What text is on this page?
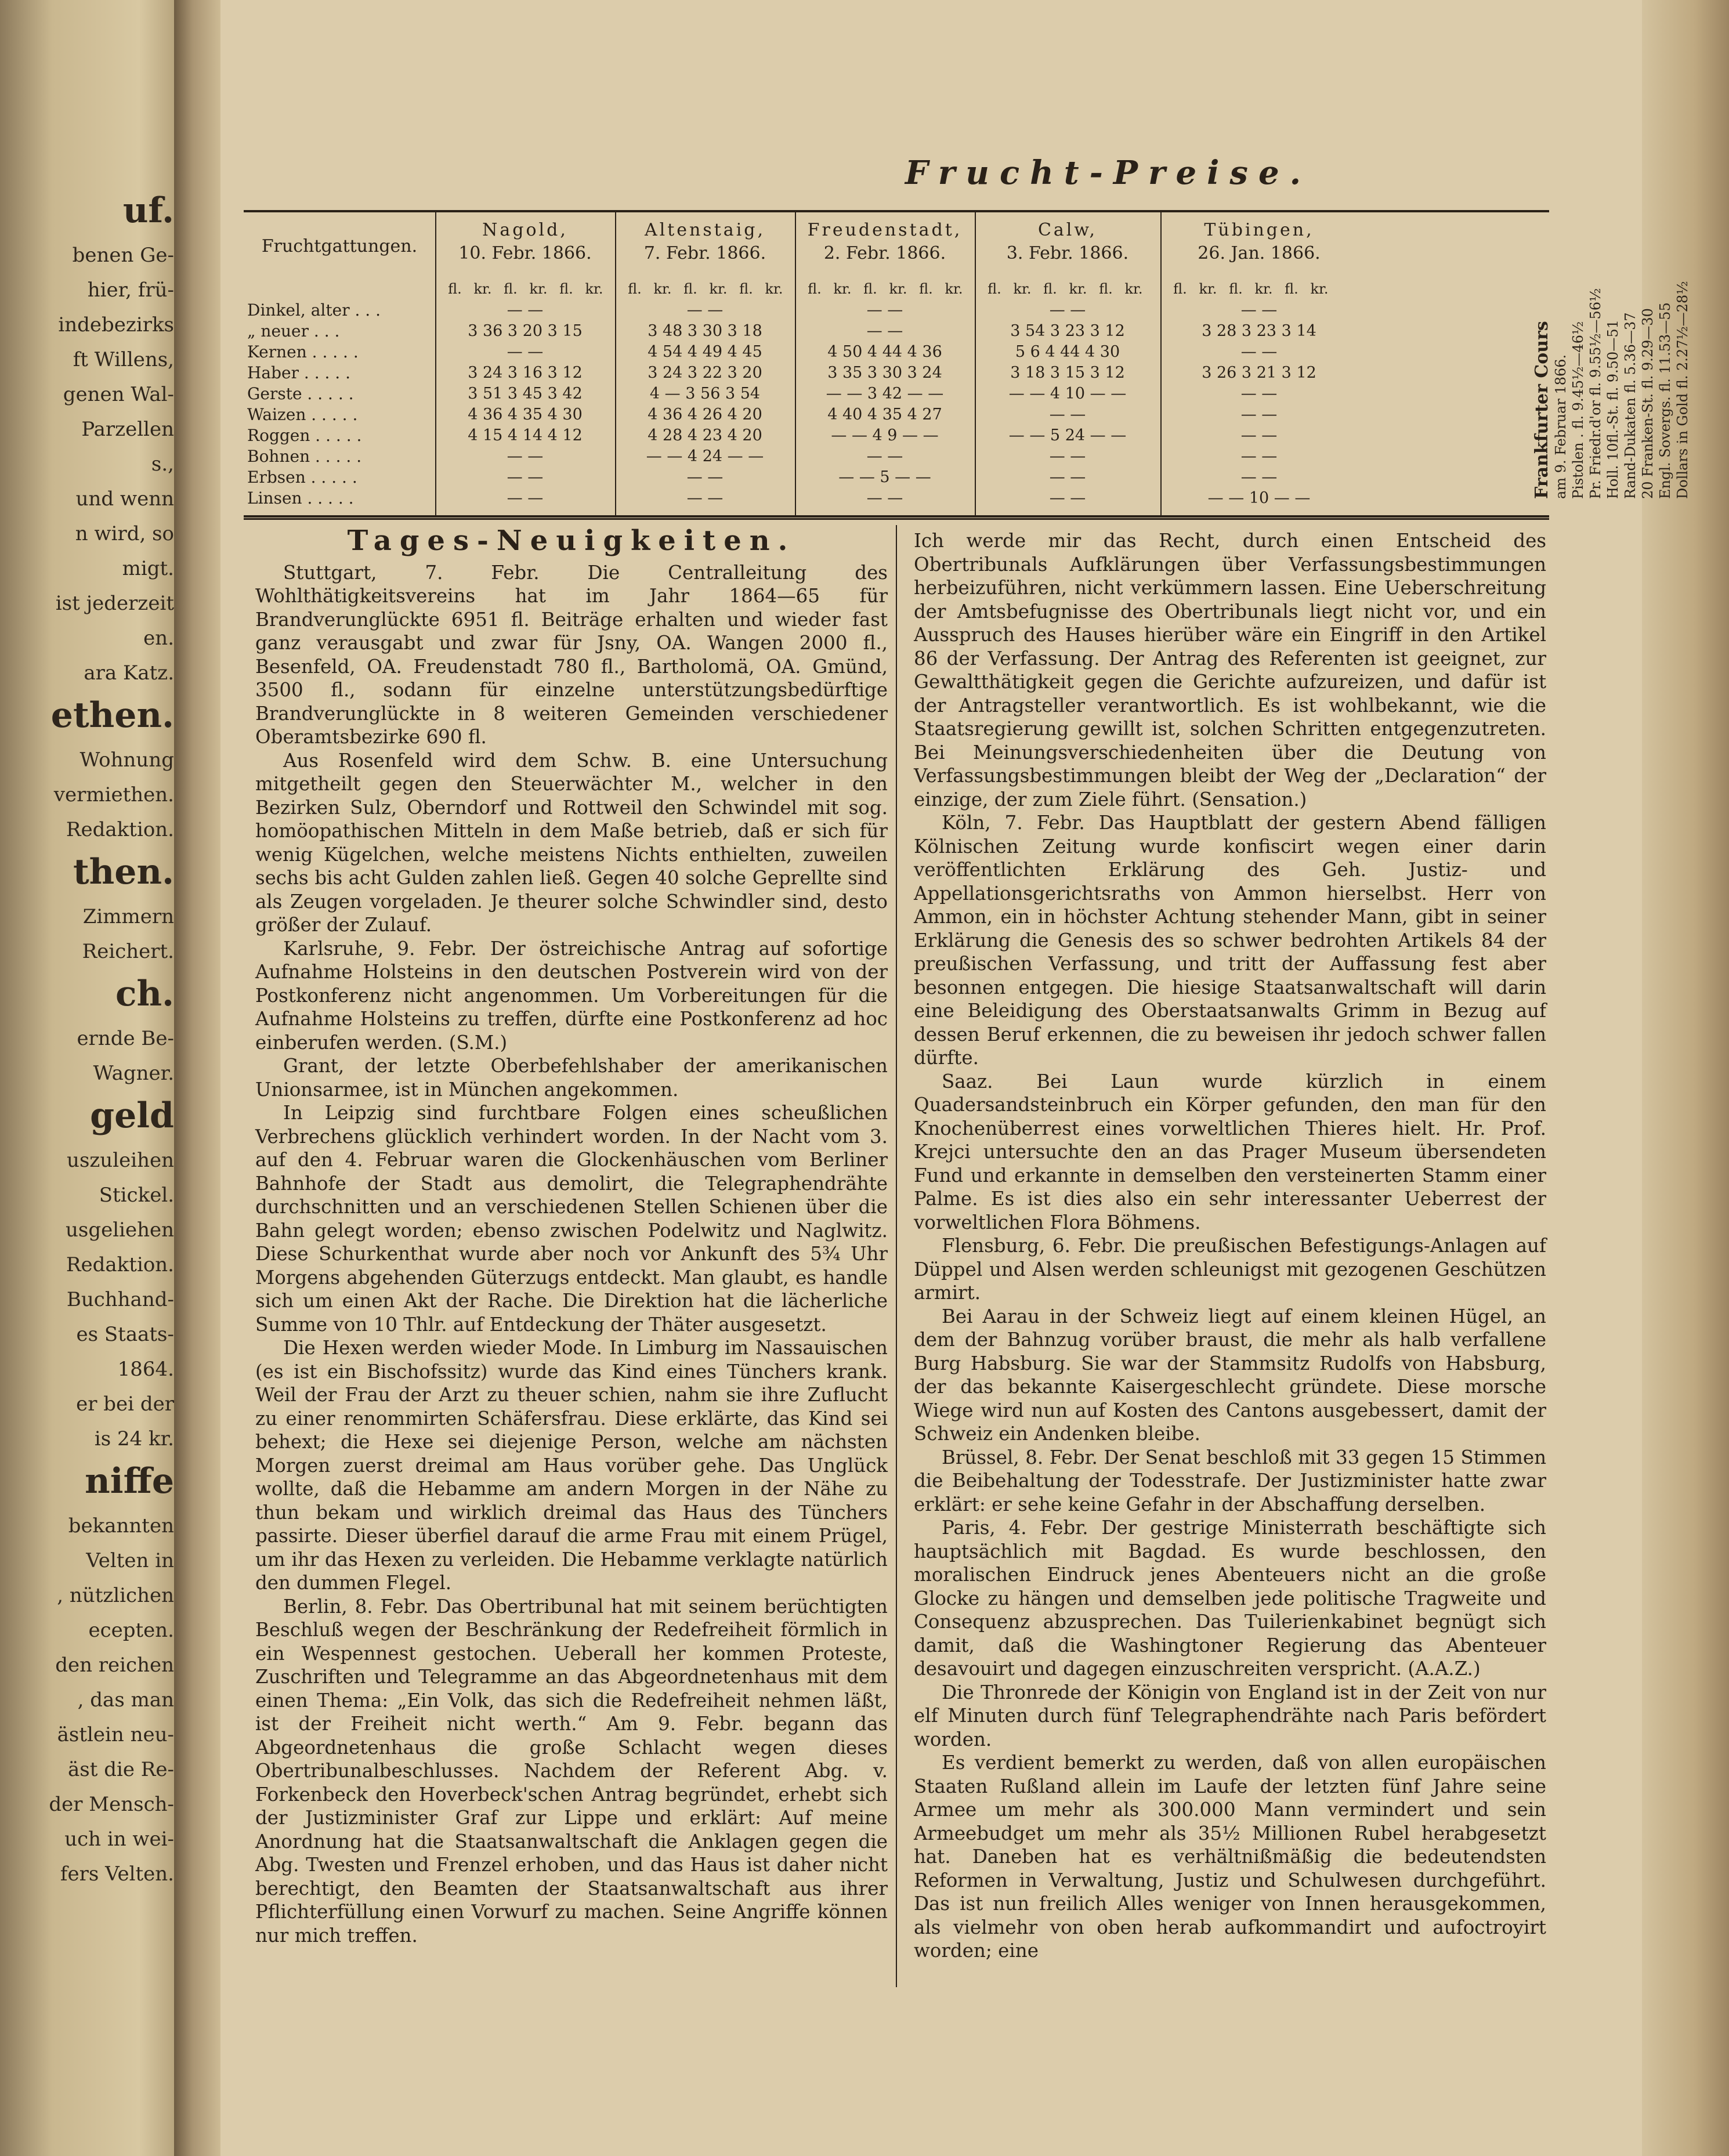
uf.
benen Ge-
hier, frü-
indebezirks
ft Willens,
genen Wal-
Parzellen
s.,
und wenn
n wird, so
migt.
ist jederzeit
en.
ara Katz.
ethen.
Wohnung
vermiethen.
Redaktion.
then.
Zimmern
Reichert.
ch.
ernde Be-
Wagner.
geld
uszuleihen
Stickel.
usgeliehen
Redaktion.
Buchhand-
es Staats-
1864.
er bei der
is 24 kr.
niffe
bekannten
Velten in
, nützlichen
ecepten.
den reichen
, das man
ästlein neu-
äst die Re-
der Mensch-
uch in wei-
fers Velten.
Frucht-Preise.
Fruchtgattungen.
Nagold,
10. Febr. 1866.
fl. kr. fl. kr. fl. kr.
Altenstaig,
7. Febr. 1866.
fl. kr. fl. kr. fl. kr.
Freudenstadt,
2. Febr. 1866.
fl. kr. fl. kr. fl. kr.
Calw,
3. Febr. 1866.
fl. kr. fl. kr. fl. kr.
Tübingen,
26. Jan. 1866.
fl. kr. fl. kr. fl. kr.
Dinkel, alter . . .	— —	— —	— —	— —	— —
„ neuer . . .	3 36 3 20 3 15	3 48 3 30 3 18	— —	3 54 3 23 3 12	3 28 3 23 3 14
Kernen . . . . .	— —	4 54 4 49 4 45	4 50 4 44 4 36	5 6 4 44 4 30	— —
Haber . . . . .	3 24 3 16 3 12	3 24 3 22 3 20	3 35 3 30 3 24	3 18 3 15 3 12	3 26 3 21 3 12
Gerste . . . . .	3 51 3 45 3 42	4 — 3 56 3 54	— — 3 42 — —	— — 4 10 — —	— —
Waizen . . . . .	4 36 4 35 4 30	4 36 4 26 4 20	4 40 4 35 4 27	— —	— —
Roggen . . . . .	4 15 4 14 4 12	4 28 4 23 4 20	— — 4 9 — —	— — 5 24 — —	— —
Bohnen . . . . .	— —	— — 4 24 — —	— —	— —	— —
Erbsen . . . . .	— —	— —	— — 5 — —	— —	— —
Linsen . . . . .	— —	— —	— —	— —	— — 10 — —	Frankfurter Cours am 9. Februar 1866. Pistolen . fl. 9.45½—46½ Pr. Friedr.d'or fl. 9.55½—56½ Holl. 10fl.-St. fl. 9.50—51 Rand-Dukaten fl. 5.36—37 20 Franken-St. fl. 9.29—30 Engl. Sovergs. fl. 11.53—55 Dollars in Gold fl. 2.27½—28½

Tages-Neuigkeiten.

Stuttgart, 7. Febr. Die Centralleitung des Wohlthätigkeitsvereins hat im Jahr 1864—65 für Brandverunglückte 6951 fl. Beiträge erhalten und wieder fast ganz verausgabt und zwar für Jsny, OA. Wangen 2000 fl., Besenfeld, OA. Freudenstadt 780 fl., Bartholomä, OA. Gmünd, 3500 fl., sodann für einzelne unterstützungsbedürftige Brandverunglückte in 8 weiteren Gemeinden verschiedener Oberamtsbezirke 690 fl.

Aus Rosenfeld wird dem Schw. B. eine Untersuchung mitgetheilt gegen den Steuerwächter M., welcher in den Bezirken Sulz, Oberndorf und Rottweil den Schwindel mit sog. homöopathischen Mitteln in dem Maße betrieb, daß er sich für wenig Kügelchen, welche meistens Nichts enthielten, zuweilen sechs bis acht Gulden zahlen ließ. Gegen 40 solche Geprellte sind als Zeugen vorgeladen. Je theurer solche Schwindler sind, desto größer der Zulauf.

Karlsruhe, 9. Febr. Der östreichische Antrag auf sofortige Aufnahme Holsteins in den deutschen Postverein wird von der Postkonferenz nicht angenommen. Um Vorbereitungen für die Aufnahme Holsteins zu treffen, dürfte eine Postkonferenz ad hoc einberufen werden. (S.M.)

Grant, der letzte Oberbefehlshaber der amerikanischen Unionsarmee, ist in München angekommen.

In Leipzig sind furchtbare Folgen eines scheußlichen Verbrechens glücklich verhindert worden. In der Nacht vom 3. auf den 4. Februar waren die Glockenhäuschen vom Berliner Bahnhofe der Stadt aus demolirt, die Telegraphendrähte durchschnitten und an verschiedenen Stellen Schienen über die Bahn gelegt worden; ebenso zwischen Podelwitz und Naglwitz. Diese Schurkenthat wurde aber noch vor Ankunft des 5¾ Uhr Morgens abgehenden Güterzugs entdeckt. Man glaubt, es handle sich um einen Akt der Rache. Die Direktion hat die lächerliche Summe von 10 Thlr. auf Entdeckung der Thäter ausgesetzt.

Die Hexen werden wieder Mode. In Limburg im Nassauischen (es ist ein Bischofssitz) wurde das Kind eines Tünchers krank. Weil der Frau der Arzt zu theuer schien, nahm sie ihre Zuflucht zu einer renommirten Schäfersfrau. Diese erklärte, das Kind sei behext; die Hexe sei diejenige Person, welche am nächsten Morgen zuerst dreimal am Haus vorüber gehe. Das Unglück wollte, daß die Hebamme am andern Morgen in der Nähe zu thun bekam und wirklich dreimal das Haus des Tünchers passirte. Dieser überfiel darauf die arme Frau mit einem Prügel, um ihr das Hexen zu verleiden. Die Hebamme verklagte natürlich den dummen Flegel.

Berlin, 8. Febr. Das Obertribunal hat mit seinem berüchtigten Beschluß wegen der Beschränkung der Redefreiheit förmlich in ein Wespennest gestochen. Ueberall her kommen Proteste, Zuschriften und Telegramme an das Abgeordnetenhaus mit dem einen Thema: „Ein Volk, das sich die Redefreiheit nehmen läßt, ist der Freiheit nicht werth.“ Am 9. Febr. begann das Abgeordnetenhaus die große Schlacht wegen dieses Obertribunalbeschlusses. Nachdem der Referent Abg. v. Forkenbeck den Hoverbeck'schen Antrag begründet, erhebt sich der Justizminister Graf zur Lippe und erklärt: Auf meine Anordnung hat die Staatsanwaltschaft die Anklagen gegen die Abg. Twesten und Frenzel erhoben, und das Haus ist daher nicht berechtigt, den Beamten der Staatsanwaltschaft aus ihrer Pflichterfüllung einen Vorwurf zu machen. Seine Angriffe können nur mich treffen.

Ich werde mir das Recht, durch einen Entscheid des Obertribunals Aufklärungen über Verfassungsbestimmungen herbeizuführen, nicht verkümmern lassen. Eine Ueberschreitung der Amtsbefugnisse des Obertribunals liegt nicht vor, und ein Ausspruch des Hauses hierüber wäre ein Eingriff in den Artikel 86 der Verfassung. Der Antrag des Referenten ist geeignet, zur Gewaltthätigkeit gegen die Gerichte aufzureizen, und dafür ist der Antragsteller verantwortlich. Es ist wohlbekannt, wie die Staatsregierung gewillt ist, solchen Schritten entgegenzutreten. Bei Meinungsverschiedenheiten über die Deutung von Verfassungsbestimmungen bleibt der Weg der „Declaration“ der einzige, der zum Ziele führt. (Sensation.)

Köln, 7. Febr. Das Hauptblatt der gestern Abend fälligen Kölnischen Zeitung wurde konfiscirt wegen einer darin veröffentlichten Erklärung des Geh. Justiz- und Appellationsgerichtsraths von Ammon hierselbst. Herr von Ammon, ein in höchster Achtung stehender Mann, gibt in seiner Erklärung die Genesis des so schwer bedrohten Artikels 84 der preußischen Verfassung, und tritt der Auffassung fest aber besonnen entgegen. Die hiesige Staatsanwaltschaft will darin eine Beleidigung des Oberstaatsanwalts Grimm in Bezug auf dessen Beruf erkennen, die zu beweisen ihr jedoch schwer fallen dürfte.

Saaz. Bei Laun wurde kürzlich in einem Quadersandsteinbruch ein Körper gefunden, den man für den Knochenüberrest eines vorweltlichen Thieres hielt. Hr. Prof. Krejci untersuchte den an das Prager Museum übersendeten Fund und erkannte in demselben den versteinerten Stamm einer Palme. Es ist dies also ein sehr interessanter Ueberrest der vorweltlichen Flora Böhmens.

Flensburg, 6. Febr. Die preußischen Befestigungs-Anlagen auf Düppel und Alsen werden schleunigst mit gezogenen Geschützen armirt.

Bei Aarau in der Schweiz liegt auf einem kleinen Hügel, an dem der Bahnzug vorüber braust, die mehr als halb verfallene Burg Habsburg. Sie war der Stammsitz Rudolfs von Habsburg, der das bekannte Kaisergeschlecht gründete. Diese morsche Wiege wird nun auf Kosten des Cantons ausgebessert, damit der Schweiz ein Andenken bleibe.

Brüssel, 8. Febr. Der Senat beschloß mit 33 gegen 15 Stimmen die Beibehaltung der Todesstrafe. Der Justizminister hatte zwar erklärt: er sehe keine Gefahr in der Abschaffung derselben.

Paris, 4. Febr. Der gestrige Ministerrath beschäftigte sich hauptsächlich mit Bagdad. Es wurde beschlossen, den moralischen Eindruck jenes Abenteuers nicht an die große Glocke zu hängen und demselben jede politische Tragweite und Consequenz abzusprechen. Das Tuilerienkabinet begnügt sich damit, daß die Washingtoner Regierung das Abenteuer desavouirt und dagegen einzuschreiten verspricht. (A.A.Z.)

Die Thronrede der Königin von England ist in der Zeit von nur elf Minuten durch fünf Telegraphendrähte nach Paris befördert worden.

Es verdient bemerkt zu werden, daß von allen europäischen Staaten Rußland allein im Laufe der letzten fünf Jahre seine Armee um mehr als 300.000 Mann vermindert und sein Armeebudget um mehr als 35½ Millionen Rubel herabgesetzt hat. Daneben hat es verhältnißmäßig die bedeutendsten Reformen in Verwaltung, Justiz und Schulwesen durchgeführt. Das ist nun freilich Alles weniger von Innen herausgekommen, als vielmehr von oben herab aufkommandirt und aufoctroyirt worden; eine
